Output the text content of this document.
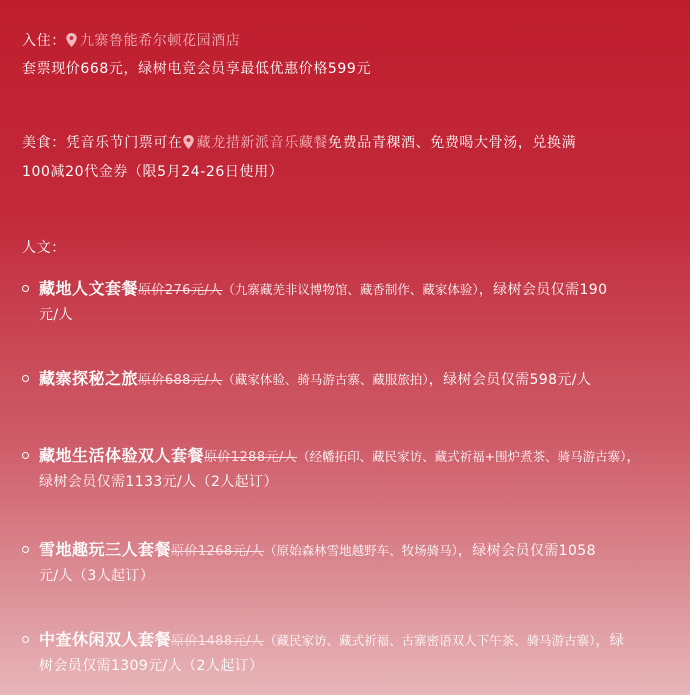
入住： 九寨鲁能希尔顿花园酒店
套票现价668元，绿树电竞会员享最低优惠价格599元
美食：凭音乐节门票可在 藏龙措新派音乐藏餐免费品青稞酒、免费喝大骨汤，兑换满
100减20代金券（限5月24-26日使用）
人文：
藏地人文套餐原价276元/人（九寨藏羌非议博物馆、藏香制作、藏家体验），绿树会员仅需190
元/人
藏寨探秘之旅原价688元/人（藏家体验、骑马游古寨、藏服旅拍），绿树会员仅需598元/人
藏地生活体验双人套餐原价1288元/人（经幡拓印、藏民家访、藏式祈福+围炉煮茶、骑马游古寨），
绿树会员仅需1133元/人（2人起订）
雪地趣玩三人套餐原价1268元/人（原始森林雪地越野车、牧场骑马），绿树会员仅需1058
元/人（3人起订）
中查休闲双人套餐原价1488元/人（藏民家访、藏式祈福、古寨密语双人下午茶、骑马游古寨），绿
树会员仅需1309元/人（2人起订）
